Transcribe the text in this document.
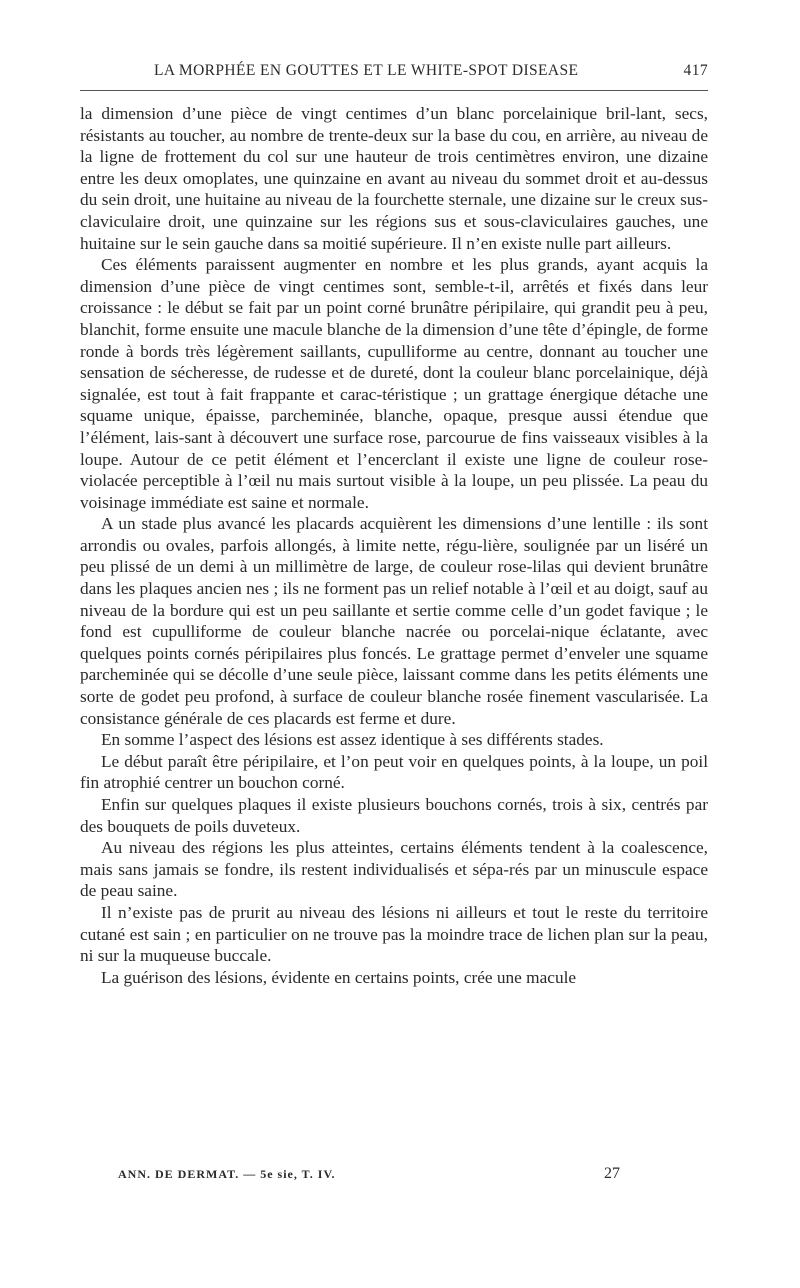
LA MORPHÉE EN GOUTTES ET LE WHITE-SPOT DISEASE	417

la dimension d’une pièce de vingt centimes d’un blanc porcelainique bril-lant, secs, résistants au toucher, au nombre de trente-deux sur la base du cou, en arrière, au niveau de la ligne de frottement du col sur une hauteur de trois centimètres environ, une dizaine entre les deux omoplates, une quinzaine en avant au niveau du sommet droit et au-dessus du sein droit, une huitaine au niveau de la fourchette sternale, une dizaine sur le creux sus-claviculaire droit, une quinzaine sur les régions sus et sous-claviculaires gauches, une huitaine sur le sein gauche dans sa moitié supérieure. Il n’en existe nulle part ailleurs.

Ces éléments paraissent augmenter en nombre et les plus grands, ayant acquis la dimension d’une pièce de vingt centimes sont, semble-t-il, arrêtés et fixés dans leur croissance : le début se fait par un point corné brunâtre péripilaire, qui grandit peu à peu, blanchit, forme ensuite une macule blanche de la dimension d’une tête d’épingle, de forme ronde à bords très légèrement saillants, cupulliforme au centre, donnant au toucher une sensation de sécheresse, de rudesse et de dureté, dont la couleur blanc porcelainique, déjà signalée, est tout à fait frappante et carac-téristique ; un grattage énergique détache une squame unique, épaisse, parcheminée, blanche, opaque, presque aussi étendue que l’élément, lais-sant à découvert une surface rose, parcourue de fins vaisseaux visibles à la loupe. Autour de ce petit élément et l’encerclant il existe une ligne de couleur rose-violacée perceptible à l’œil nu mais surtout visible à la loupe, un peu plissée. La peau du voisinage immédiate est saine et normale.

A un stade plus avancé les placards acquièrent les dimensions d’une lentille : ils sont arrondis ou ovales, parfois allongés, à limite nette, régu-lière, soulignée par un liséré un peu plissé de un demi à un millimètre de large, de couleur rose-lilas qui devient brunâtre dans les plaques ancien nes ; ils ne forment pas un relief notable à l’œil et au doigt, sauf au niveau de la bordure qui est un peu saillante et sertie comme celle d’un godet favique ; le fond est cupulliforme de couleur blanche nacrée ou porcelai-nique éclatante, avec quelques points cornés péripilaires plus foncés. Le grattage permet d’enveler une squame parcheminée qui se décolle d’une seule pièce, laissant comme dans les petits éléments une sorte de godet peu profond, à surface de couleur blanche rosée finement vascularisée. La consistance générale de ces placards est ferme et dure.

En somme l’aspect des lésions est assez identique à ses différents stades.

Le début paraît être péripilaire, et l’on peut voir en quelques points, à la loupe, un poil fin atrophié centrer un bouchon corné.

Enfin sur quelques plaques il existe plusieurs bouchons cornés, trois à six, centrés par des bouquets de poils duveteux.

Au niveau des régions les plus atteintes, certains éléments tendent à la coalescence, mais sans jamais se fondre, ils restent individualisés et sépa-rés par un minuscule espace de peau saine.

Il n’existe pas de prurit au niveau des lésions ni ailleurs et tout le reste du territoire cutané est sain ; en particulier on ne trouve pas la moindre trace de lichen plan sur la peau, ni sur la muqueuse buccale.

La guérison des lésions, évidente en certains points, crée une macule

ANN. DE DERMAT. — 5e sie, T. IV.	27
